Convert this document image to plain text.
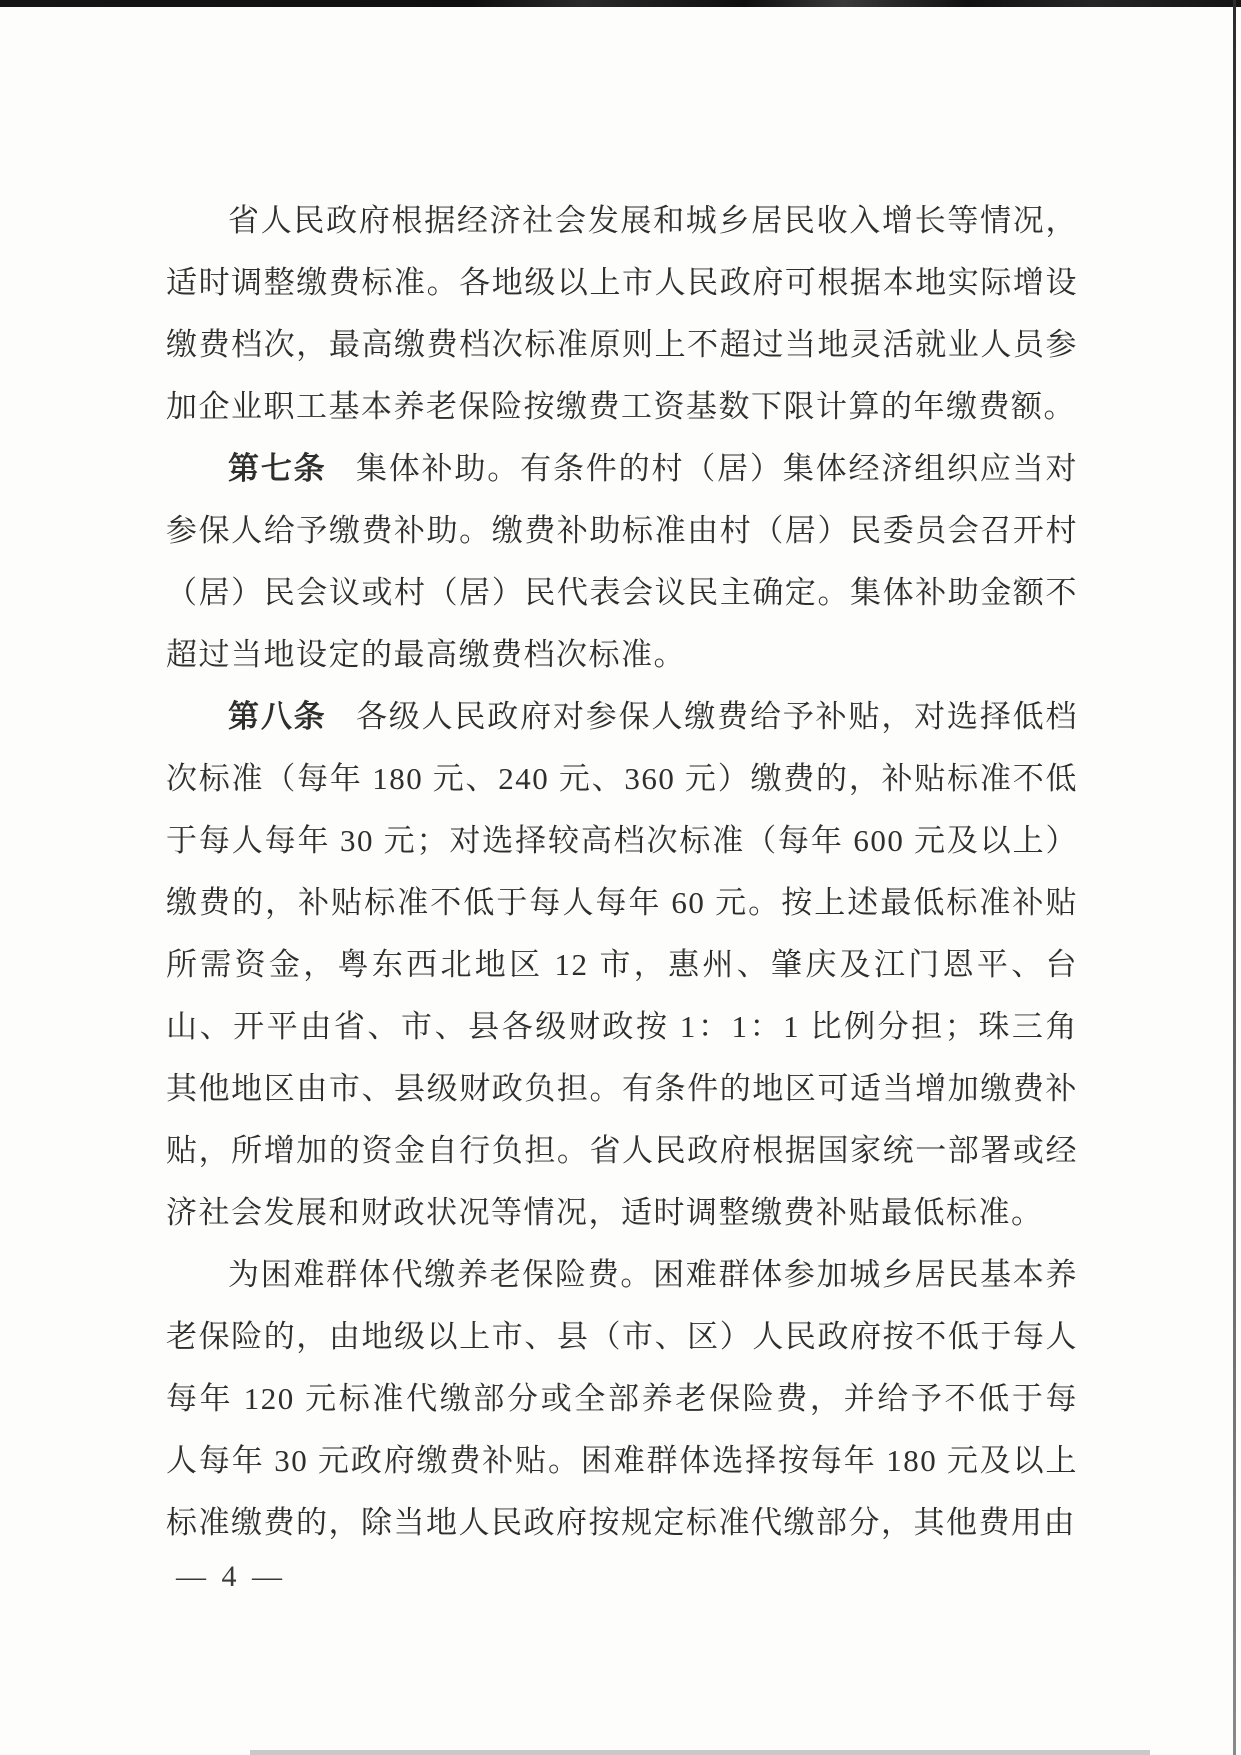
省人民政府根据经济社会发展和城乡居民收入增长等情况，适时调整缴费标准。各地级以上市人民政府可根据本地实际增设缴费档次，最高缴费档次标准原则上不超过当地灵活就业人员参加企业职工基本养老保险按缴费工资基数下限计算的年缴费额。

第七条 集体补助。有条件的村（居）集体经济组织应当对参保人给予缴费补助。缴费补助标准由村（居）民委员会召开村（居）民会议或村（居）民代表会议民主确定。集体补助金额不超过当地设定的最高缴费档次标准。

第八条 各级人民政府对参保人缴费给予补贴，对选择低档次标准（每年 180 元、240 元、360 元）缴费的，补贴标准不低于每人每年 30 元；对选择较高档次标准（每年 600 元及以上）缴费的，补贴标准不低于每人每年 60 元。按上述最低标准补贴所需资金，粤东西北地区 12 市，惠州、肇庆及江门恩平、台山、开平由省、市、县各级财政按 1：1：1 比例分担；珠三角其他地区由市、县级财政负担。有条件的地区可适当增加缴费补贴，所增加的资金自行负担。省人民政府根据国家统一部署或经济社会发展和财政状况等情况，适时调整缴费补贴最低标准。

为困难群体代缴养老保险费。困难群体参加城乡居民基本养老保险的，由地级以上市、县（市、区）人民政府按不低于每人每年 120 元标准代缴部分或全部养老保险费，并给予不低于每人每年 30 元政府缴费补贴。困难群体选择按每年 180 元及以上标准缴费的，除当地人民政府按规定标准代缴部分，其他费用由

— 4 —
